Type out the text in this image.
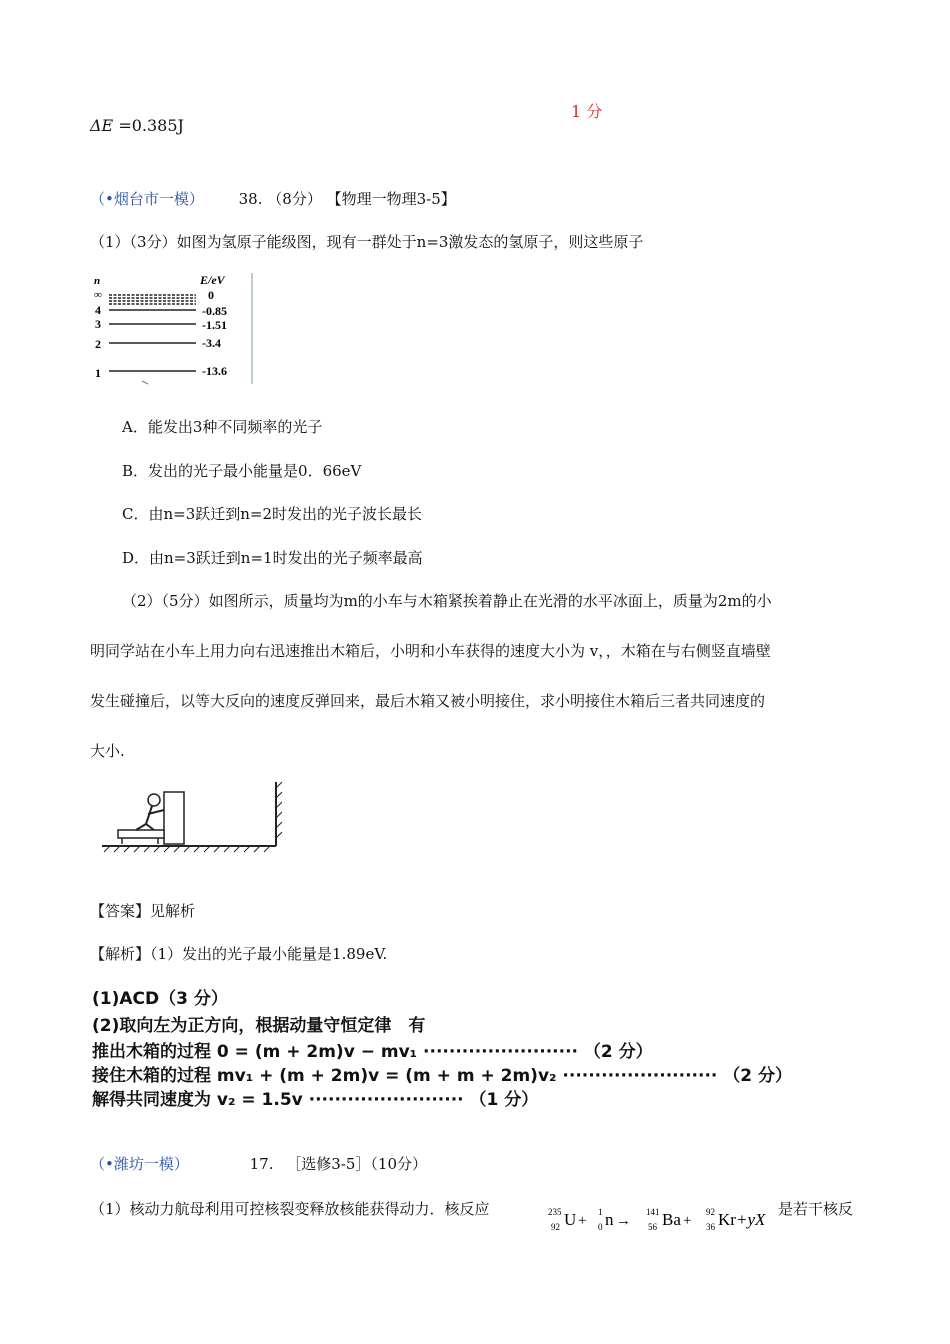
1 分
ΔE =0.385J
（•烟台市一模） 38. （8分） 【物理一物理3-5】
（1）（3分）如图为氢原子能级图，现有一群处于n=3激发态的氢原子，则这些原子
n	E/eV
∞	0
4	-0.85
3	-1.51
2	-3.4
1	-13.6
A．能发出3种不同频率的光子
B．发出的光子最小能量是0．66eV
C．由n=3跃迁到n=2时发出的光子波长最长
D．由n=3跃迁到n=1时发出的光子频率最高
（2）（5分）如图所示，质量均为m的小车与木箱紧挨着静止在光滑的水平冰面上，质量为2m的小
明同学站在小车上用力向右迅速推出木箱后，小明和小车获得的速度大小为 v，，木箱在与右侧竖直墙壁
发生碰撞后，以等大反向的速度反弹回来，最后木箱又被小明接住，求小明接住木箱后三者共同速度的
大小.
【答案】见解析
【解析】（1）发出的光子最小能量是1.89eV.
(1)ACD（3 分）
(2)取向左为正方向，根据动量守恒定律　有
推出木箱的过程 0 = (m + 2m)v − mv₁ ························ （2 分）
接住木箱的过程 mv₁ + (m + 2m)v = (m + m + 2m)v₂ ························ （2 分）
解得共同速度为 v₂ = 1.5v ························ （1 分）
（•潍坊一模）	17. ［选修3-5］（10分）
（1）核动力航母利用可控核裂变释放核能获得动力．核反应	235
92 U +
1
0 n →
141
56 Ba +
92
36 Kr +yX
是若干核反
